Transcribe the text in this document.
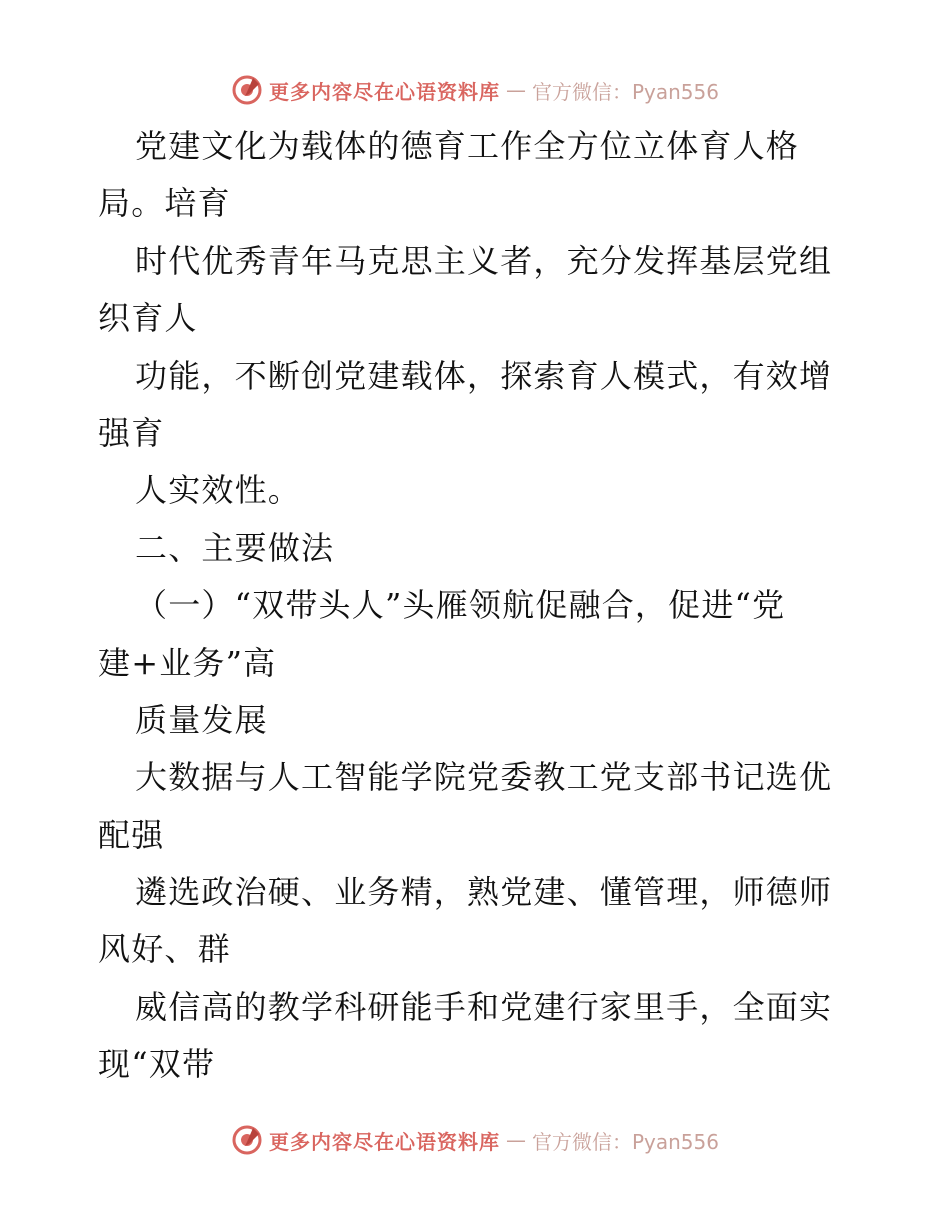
更多内容尽在心语资料库 — 官方微信：Pyan556
党建文化为载体的德育工作全方位立体育人格
局。培育
时代优秀青年马克思主义者，充分发挥基层党组
织育人
功能，不断创党建载体，探索育人模式，有效增
强育
人实效性。
二、主要做法
（一）“双带头人”头雁领航促融合，促进“党
建+业务”高
质量发展
大数据与人工智能学院党委教工党支部书记选优
配强
遴选政治硬、业务精，熟党建、懂管理，师德师
风好、群
威信高的教学科研能手和党建行家里手，全面实
现“双带
更多内容尽在心语资料库 — 官方微信：Pyan556
